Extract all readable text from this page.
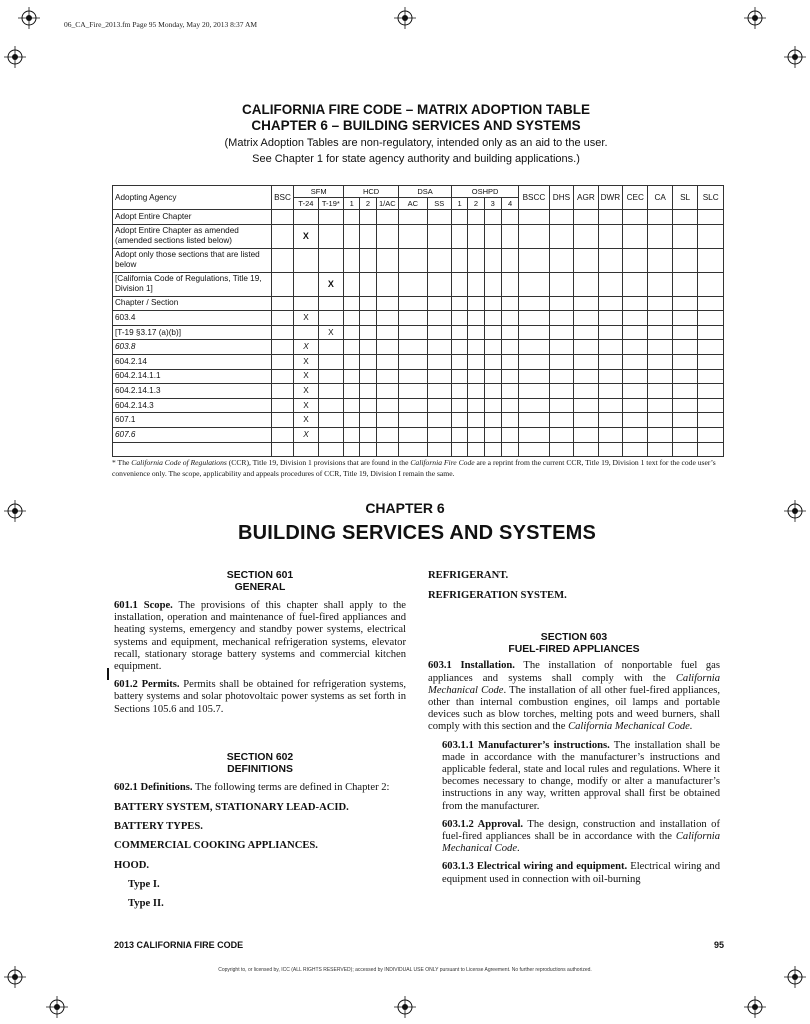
06_CA_Fire_2013.fm Page 95 Monday, May 20, 2013 8:37 AM
CALIFORNIA FIRE CODE – MATRIX ADOPTION TABLE
CHAPTER 6 – BUILDING SERVICES AND SYSTEMS
(Matrix Adoption Tables are non-regulatory, intended only as an aid to the user.
See Chapter 1 for state agency authority and building applications.)
Adopting Agency	BSC	SFM		HCD			DSA		OSHPD				BSCC	DHS	AGR	DWR	CEC	CA	SL	SLC
		T-24	T-19*	1	2	1/AC	AC	SS	1	2	3	4								
Adopt Entire Chapter																				
Adopt Entire Chapter as amended (amended sections listed below)		X																		
Adopt only those sections that are listed below																				
[California Code of Regulations, Title 19, Division 1]			X																	
Chapter / Section																				
603.4		X																		
[T-19 §3.17 (a)(b)]			X																	
603.8		X																		
604.2.14		X																		
604.2.14.1.1		X																		
604.2.14.1.3		X																		
604.2.14.3		X																		
607.1		X																		
607.6		X																		

* The California Code of Regulations (CCR), Title 19, Division 1 provisions that are found in the California Fire Code are a reprint from the current CCR, Title 19, Division 1 text for the code user’s convenience only. The scope, applicability and appeals procedures of CCR, Title 19, Division I remain the same.
CHAPTER 6
BUILDING SERVICES AND SYSTEMS

SECTION 601

GENERAL

601.1 Scope. The provisions of this chapter shall apply to the installation, operation and maintenance of fuel-fired appliances and heating systems, emergency and standby power systems, electrical systems and equipment, mechanical refrigeration systems, elevator recall, stationary storage battery systems and commercial kitchen equipment.

601.2 Permits. Permits shall be obtained for refrigeration systems, battery systems and solar photovoltaic power systems as set forth in Sections 105.6 and 105.7.

SECTION 602

DEFINITIONS

602.1 Definitions. The following terms are defined in Chapter 2:

BATTERY SYSTEM, STATIONARY LEAD-ACID.

BATTERY TYPES.

COMMERCIAL COOKING APPLIANCES.

HOOD.

Type I.

Type II.

REFRIGERANT.

REFRIGERATION SYSTEM.

SECTION 603

FUEL-FIRED APPLIANCES

603.1 Installation. The installation of nonportable fuel gas appliances and systems shall comply with the California Mechanical Code. The installation of all other fuel-fired appliances, other than internal combustion engines, oil lamps and portable devices such as blow torches, melting pots and weed burners, shall comply with this section and the California Mechanical Code.

603.1.1 Manufacturer’s instructions. The installation shall be made in accordance with the manufacturer’s instructions and applicable federal, state and local rules and regulations. Where it becomes necessary to change, modify or alter a manufacturer’s instructions in any way, written approval shall first be obtained from the manufacturer.

603.1.2 Approval. The design, construction and installation of fuel-fired appliances shall be in accordance with the California Mechanical Code.

603.1.3 Electrical wiring and equipment. Electrical wiring and equipment used in connection with oil-burning

2013 CALIFORNIA FIRE CODE	95
Copyright to, or licensed by, ICC (ALL RIGHTS RESERVED); accessed by INDIVIDUAL USE ONLY pursuant to License Agreement. No further reproductions authorized.
